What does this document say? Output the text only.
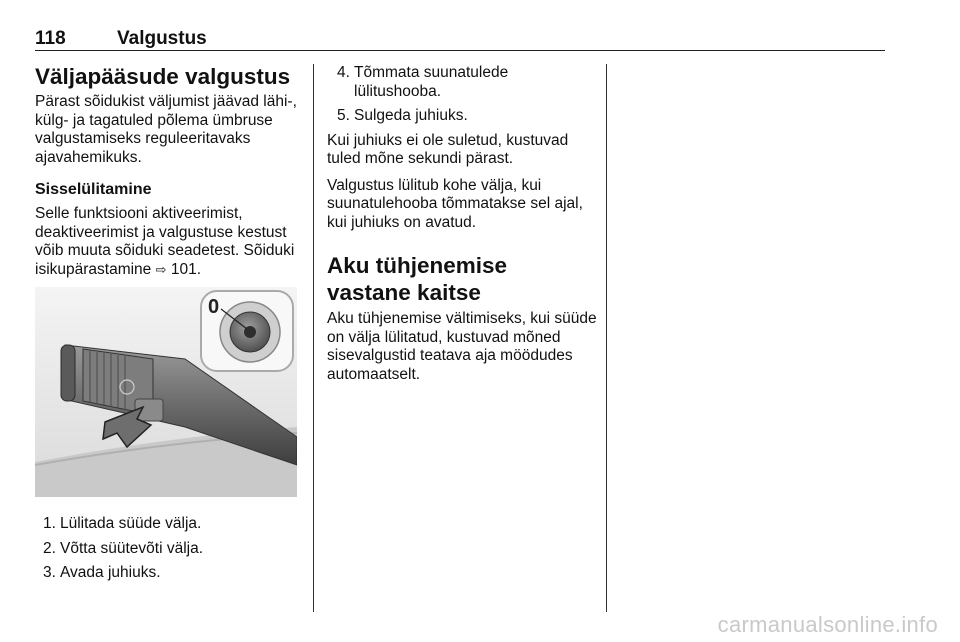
118	Valgustus
Väljapääsude valgustus

Pärast sõidukist väljumist jäävad lähi-, külg- ja tagatuled põlema ümbruse valgustamiseks reguleeritavaks ajavahemikuks.

Sisselülitamine

Selle funktsiooni aktiveerimist, deaktiveerimist ja valgustuse kestust võib muuta sõiduki seadetest. Sõiduki isikupärastamine ⇨ 101.

0
1. Lülitada süüde välja.
2. Võtta süütevõti välja.
3. Avada juhiuks.
4. Tõmmata suunatulede lülitushooba.
5. Sulgeda juhiuks.

Kui juhiuks ei ole suletud, kustuvad tuled mõne sekundi pärast.

Valgustus lülitub kohe välja, kui suunatulehooba tõmmatakse sel ajal, kui juhiuks on avatud.

Aku tühjenemise vastane kaitse

Aku tühjenemise vältimiseks, kui süüde on välja lülitatud, kustuvad mõned sisevalgustid teatava aja möödudes automaatselt.

carmanualsonline.info
